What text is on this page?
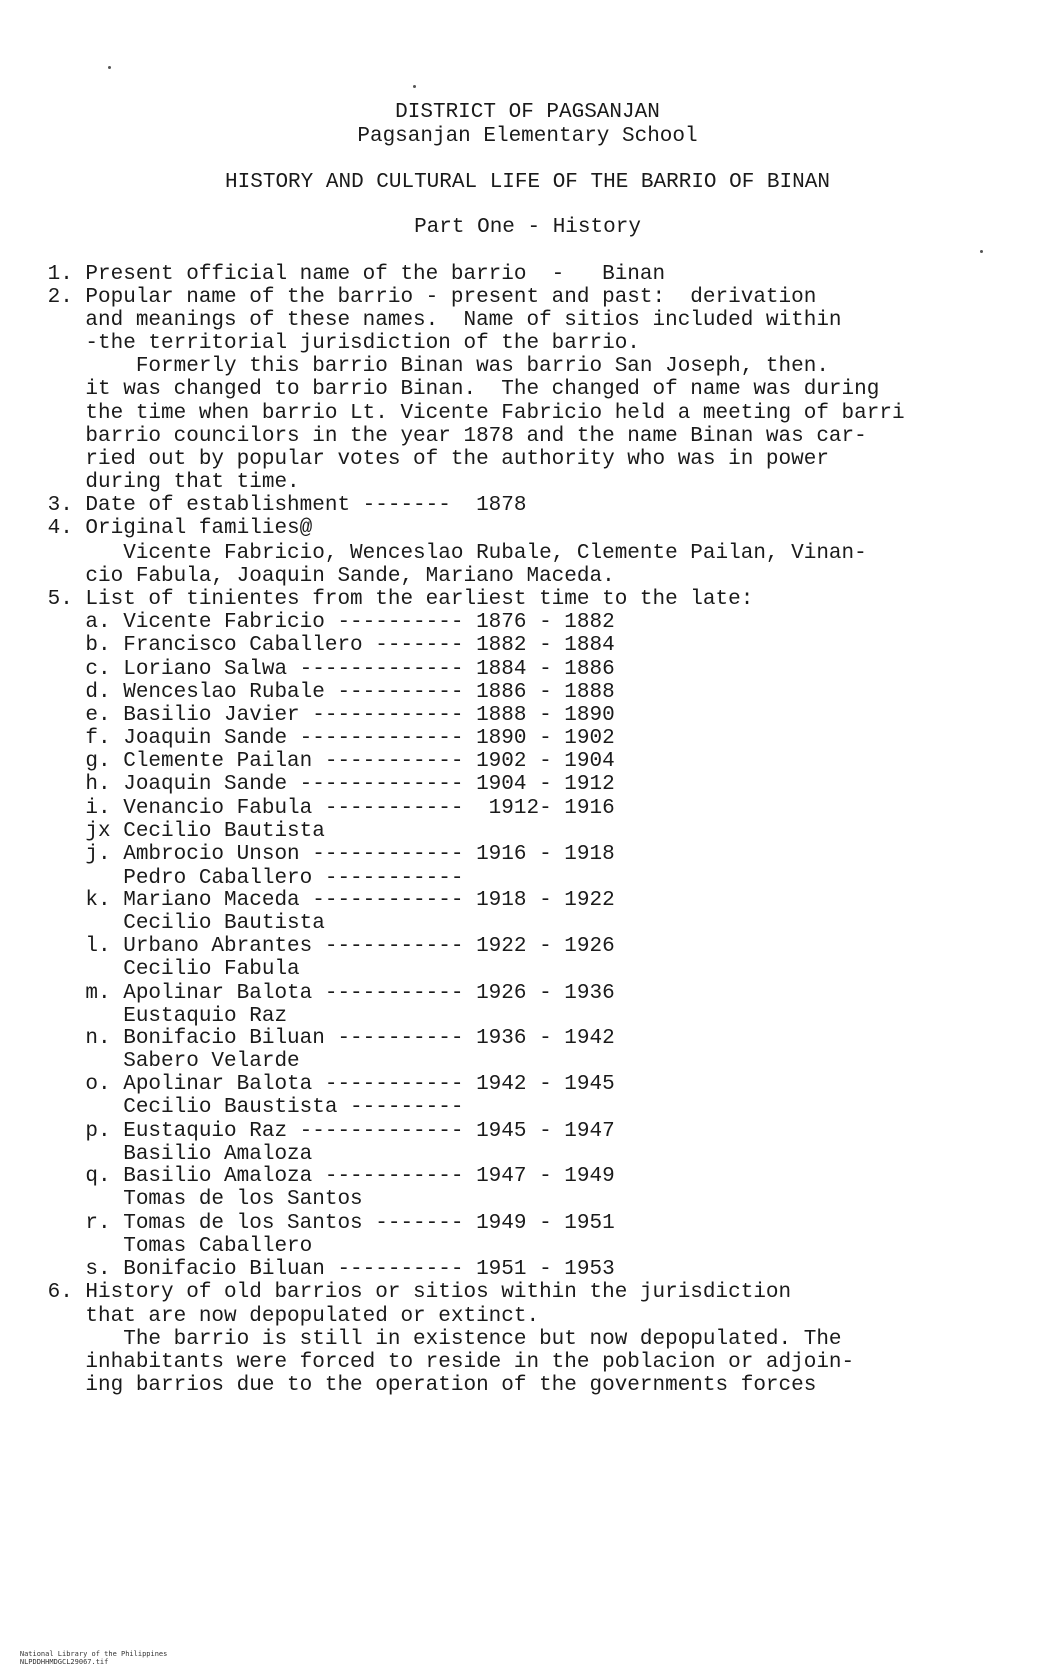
DISTRICT OF PAGSANJAN
Pagsanjan Elementary School
HISTORY AND CULTURAL LIFE OF THE BARRIO OF BINAN
Part One - History
1. Present official name of the barrio  -   Binan
2. Popular name of the barrio - present and past:  derivation
and meanings of these names.  Name of sitios included within
-the territorial jurisdiction of the barrio.
Formerly this barrio Binan was barrio San Joseph, then.
it was changed to barrio Binan.  The changed of name was during
the time when barrio Lt. Vicente Fabricio held a meeting of barri
barrio councilors in the year 1878 and the name Binan was car-
ried out by popular votes of the authority who was in power
during that time.
3. Date of establishment -------  1878
4. Original families@
Vicente Fabricio, Wenceslao Rubale, Clemente Pailan, Vinan-
cio Fabula, Joaquin Sande, Mariano Maceda.
5. List of tinientes from the earliest time to the late:
a. Vicente Fabricio ---------- 1876 - 1882
b. Francisco Caballero ------- 1882 - 1884
c. Loriano Salwa ------------- 1884 - 1886
d. Wenceslao Rubale ---------- 1886 - 1888
e. Basilio Javier ------------ 1888 - 1890
f. Joaquin Sande ------------- 1890 - 1902
g. Clemente Pailan ----------- 1902 - 1904
h. Joaquin Sande ------------- 1904 - 1912
i. Venancio Fabula -----------  1912- 1916
jx Cecilio Bautista
j. Ambrocio Unson ------------ 1916 - 1918
Pedro Caballero -----------
k. Mariano Maceda ------------ 1918 - 1922
Cecilio Bautista
l. Urbano Abrantes ----------- 1922 - 1926
Cecilio Fabula
m. Apolinar Balota ----------- 1926 - 1936
Eustaquio Raz
n. Bonifacio Biluan ---------- 1936 - 1942
Sabero Velarde
o. Apolinar Balota ----------- 1942 - 1945
Cecilio Baustista ---------
p. Eustaquio Raz ------------- 1945 - 1947
Basilio Amaloza
q. Basilio Amaloza ----------- 1947 - 1949
Tomas de los Santos
r. Tomas de los Santos ------- 1949 - 1951
Tomas Caballero
s. Bonifacio Biluan ---------- 1951 - 1953
6. History of old barrios or sitios within the jurisdiction
that are now depopulated or extinct.
The barrio is still in existence but now depopulated. The
inhabitants were forced to reside in the poblacion or adjoin-
ing barrios due to the operation of the governments forces

National Library of the Philippines
NLPDDHHMDGCL29067.tif
